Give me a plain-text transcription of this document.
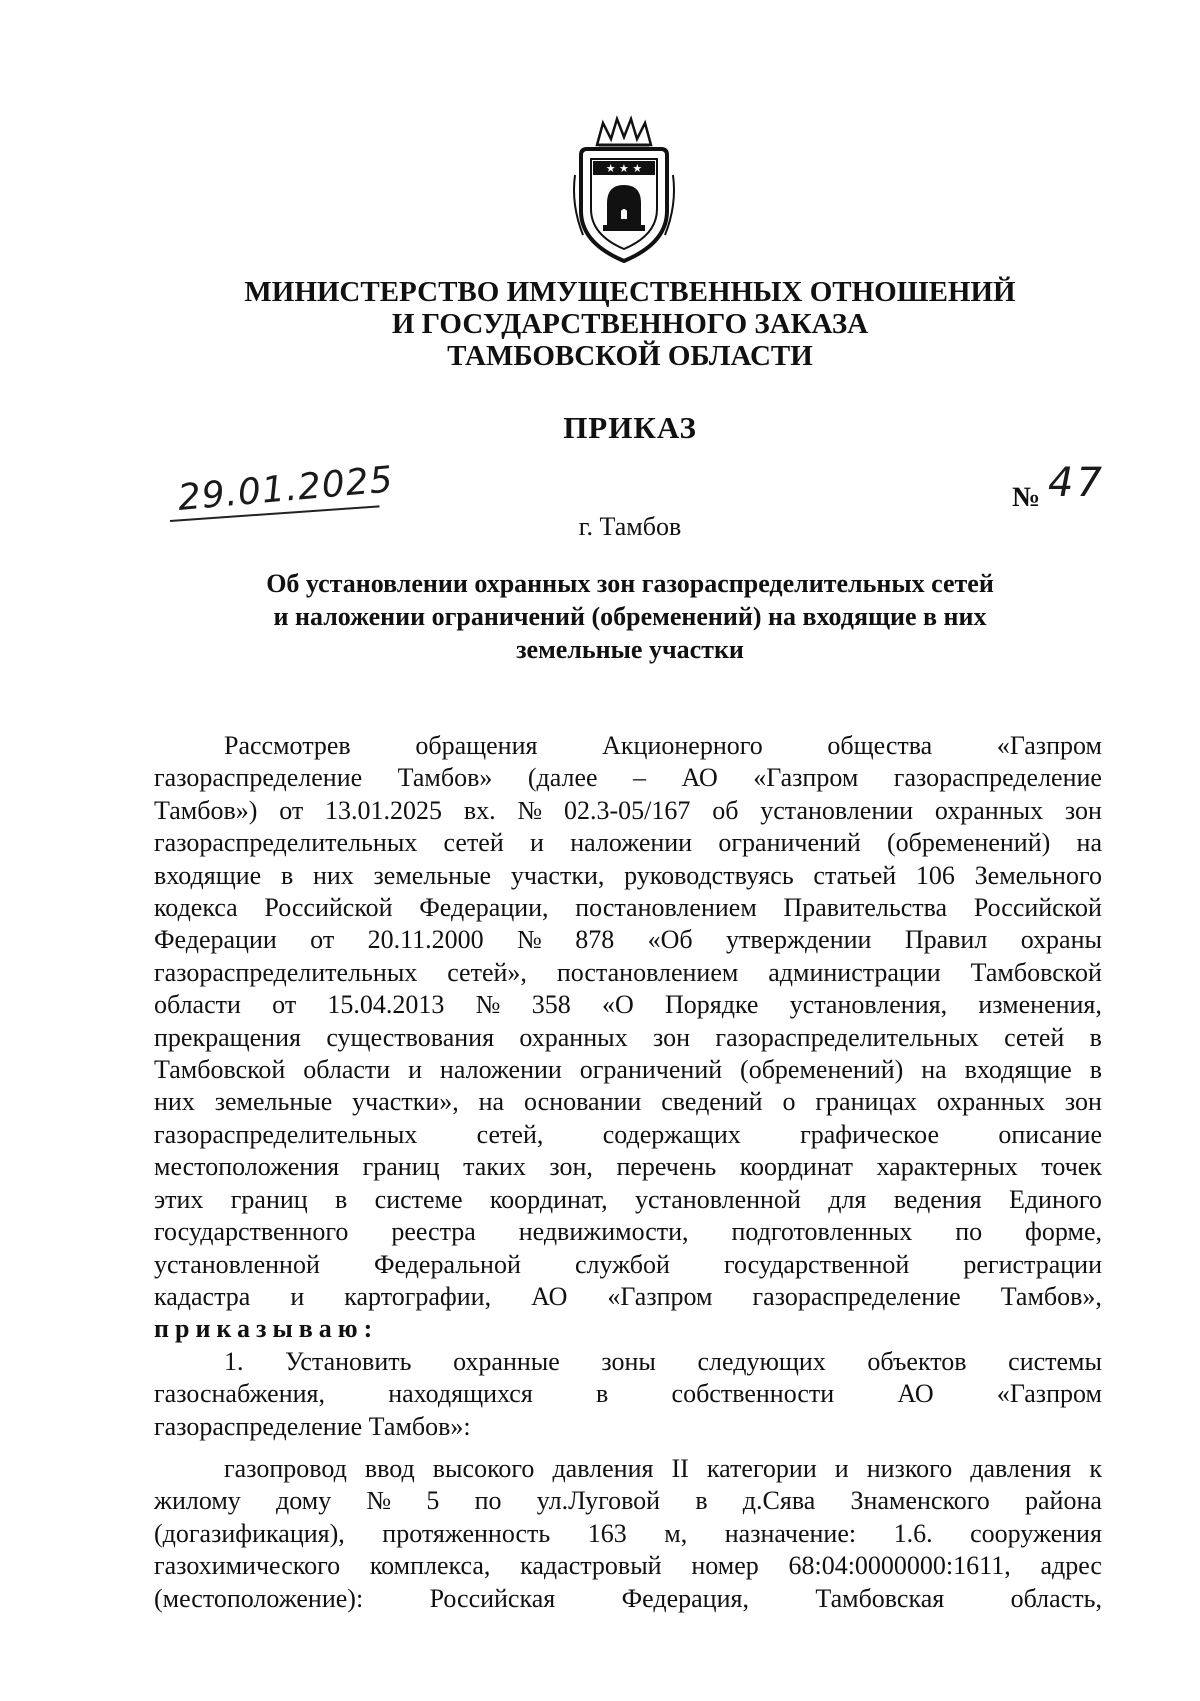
★ ★ ★
МИНИСТЕРСТВО ИМУЩЕСТВЕННЫХ ОТНОШЕНИЙ
И ГОСУДАРСТВЕННОГО ЗАКАЗА
ТАМБОВСКОЙ ОБЛАСТИ
ПРИКАЗ
29.01.2025	№ 47
г. Тамбов
Об установлении охранных зон газораспределительных сетей
и наложении ограничений (обременений) на входящие в них
земельные участки
Рассмотрев обращения Акционерного общества «Газпром
газораспределение Тамбов» (далее – АО «Газпром газораспределение
Тамбов») от 13.01.2025 вх. № 02.3-05/167 об установлении охранных зон
газораспределительных сетей и наложении ограничений (обременений) на
входящие в них земельные участки, руководствуясь статьей 106 Земельного
кодекса Российской Федерации, постановлением Правительства Российской
Федерации от 20.11.2000 № 878 «Об утверждении Правил охраны
газораспределительных сетей», постановлением администрации Тамбовской
области от 15.04.2013 № 358 «О Порядке установления, изменения,
прекращения существования охранных зон газораспределительных сетей в
Тамбовской области и наложении ограничений (обременений) на входящие в
них земельные участки», на основании сведений о границах охранных зон
газораспределительных сетей, содержащих графическое описание
местоположения границ таких зон, перечень координат характерных точек
этих границ в системе координат, установленной для ведения Единого
государственного реестра недвижимости, подготовленных по форме,
установленной Федеральной службой государственной регистрации
кадастра и картографии, АО «Газпром газораспределение Тамбов»,
приказываю:
1. Установить охранные зоны следующих объектов системы
газоснабжения, находящихся в собственности АО «Газпром
газораспределение Тамбов»:
газопровод ввод высокого давления II категории и низкого давления к
жилому дому № 5 по ул.Луговой в д.Сява Знаменского района
(догазификация), протяженность 163 м, назначение: 1.6. сооружения
газохимического комплекса, кадастровый номер 68:04:0000000:1611, адрес
(местоположение):	Российская	Федерация,	Тамбовская	область,
